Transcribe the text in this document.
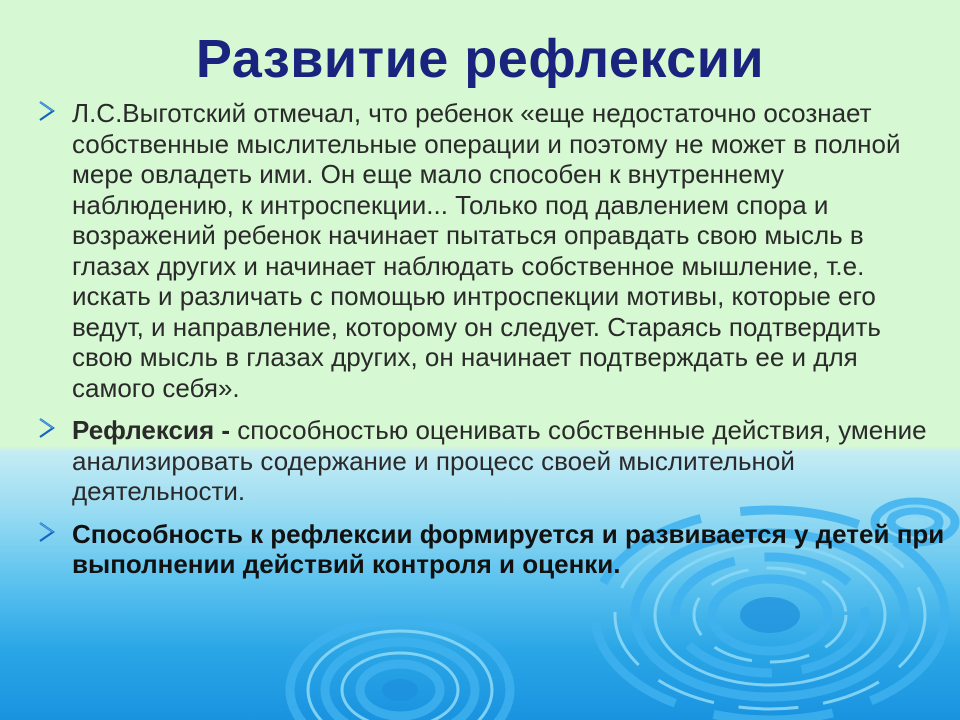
Развитие рефлексии
Л.С.Выготский отмечал, что ребенок «еще недостаточно осознает собственные мыслительные операции и поэтому не может в полной мере овладеть ими. Он еще мало способен к внутреннему наблюдению, к интроспекции... Только под давлением спора и возражений ребенок начинает пытаться оправдать свою мысль в глазах других и начинает наблюдать собственное мышление, т.е. искать и различать с помощью интроспекции мотивы, которые его ведут, и направление, которому он следует. Стараясь подтвердить свою мысль в глазах других, он начинает подтверждать ее и для самого себя».
Рефлексия - способностью оценивать собственные действия, умение анализировать содержание и процесс своей мыслительной деятельности.
Способность к рефлексии формируется и развивается у детей при выполнении действий контроля и оценки.
